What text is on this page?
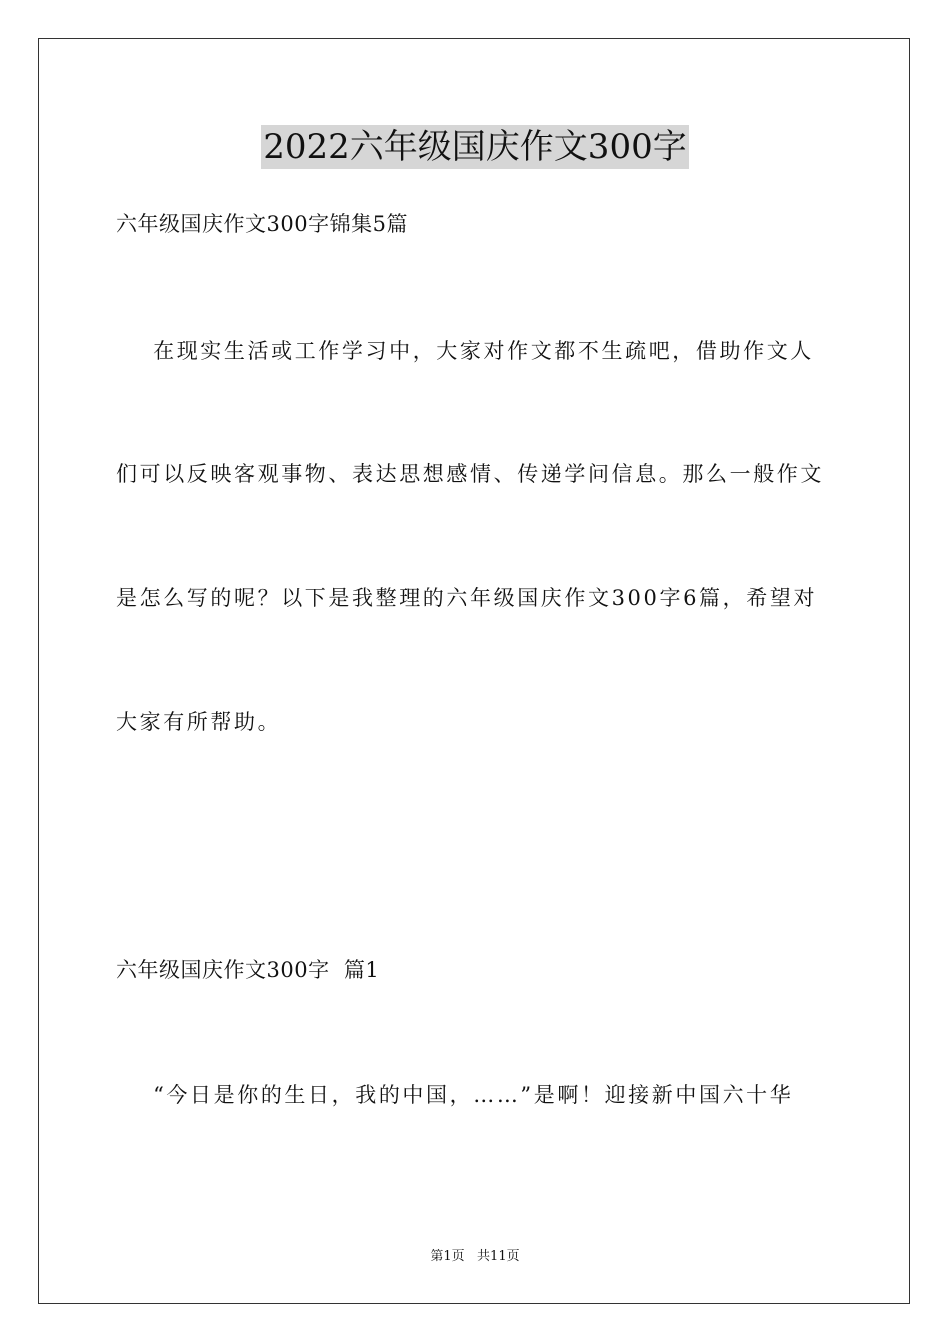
2022六年级国庆作文300字
六年级国庆作文300字锦集5篇
在现实生活或工作学习中，大家对作文都不生疏吧，借助作文人
们可以反映客观事物、表达思想感情、传递学问信息。那么一般作文
是怎么写的呢？以下是我整理的六年级国庆作文300字6篇，希望对
大家有所帮助。
六年级国庆作文300字  篇1
“今日是你的生日，我的中国，……”是啊！迎接新中国六十华
第1页   共11页
